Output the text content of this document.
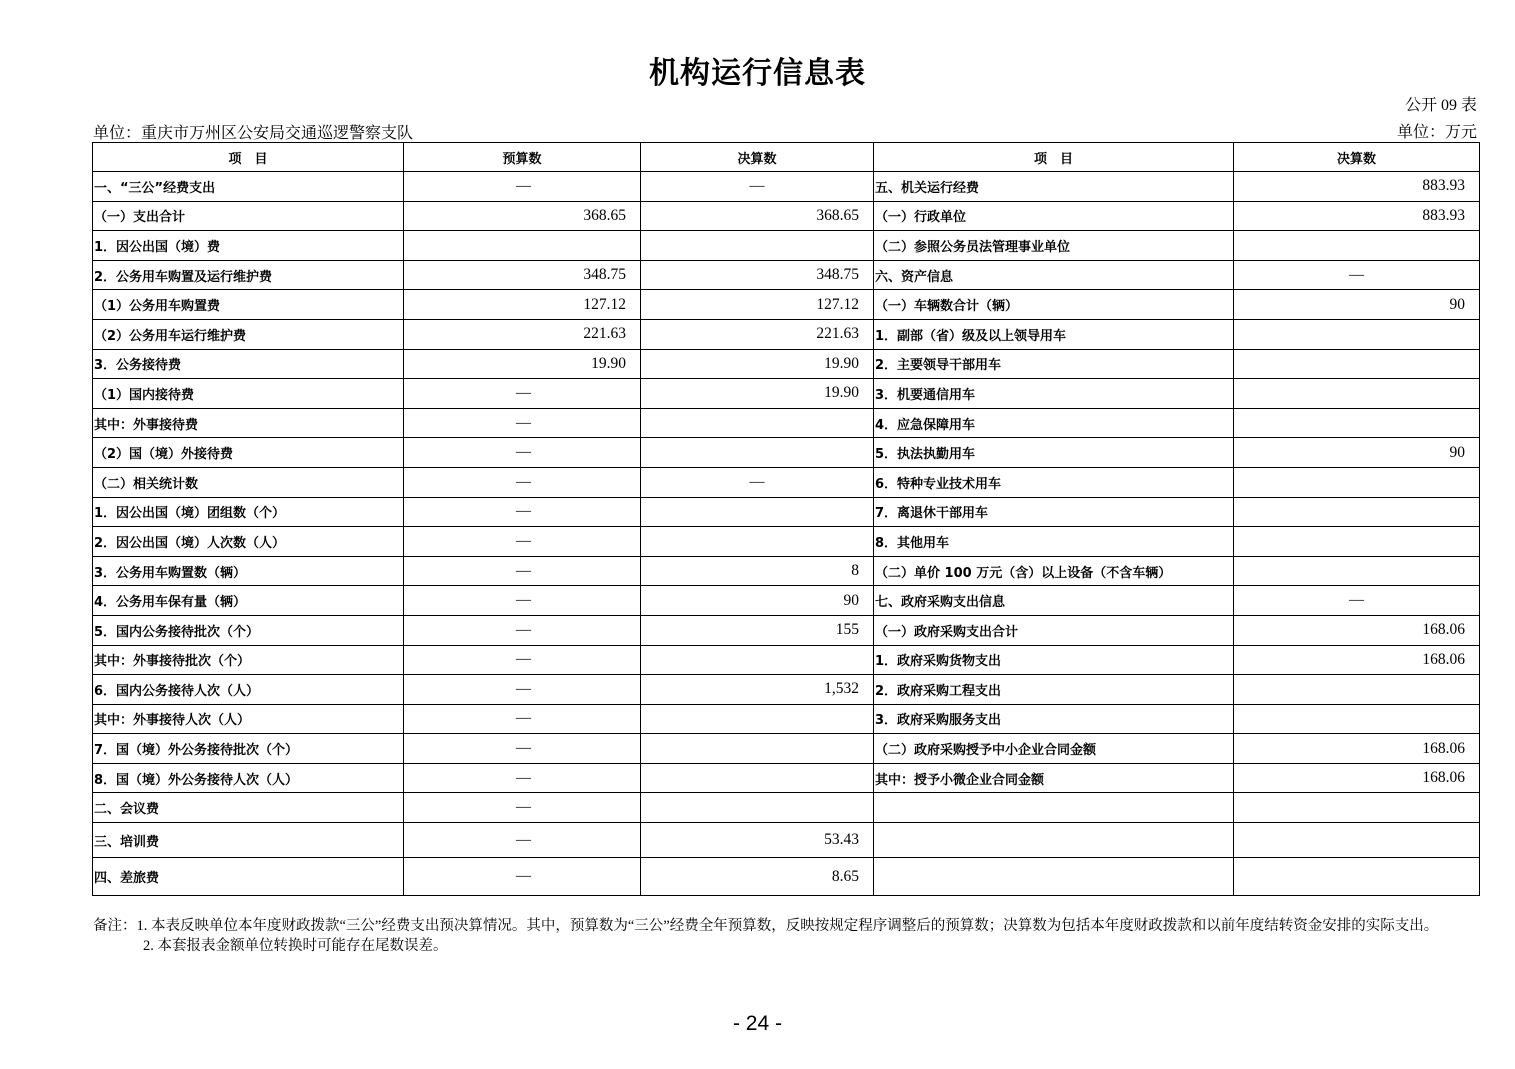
机构运行信息表
公开 09 表
单位：重庆市万州区公安局交通巡逻警察支队	单位：万元
项　目	预算数	决算数	项　目	决算数
一、“三公”经费支出	—	—	五、机关运行经费	883.93
（一）支出合计	368.65	368.65	（一）行政单位	883.93
1．因公出国（境）费			（二）参照公务员法管理事业单位	
2．公务用车购置及运行维护费	348.75	348.75	六、资产信息	—
（1）公务用车购置费	127.12	127.12	（一）车辆数合计（辆）	90
（2）公务用车运行维护费	221.63	221.63	1．副部（省）级及以上领导用车	
3．公务接待费	19.90	19.90	2．主要领导干部用车	
（1）国内接待费	—	19.90	3．机要通信用车	
其中：外事接待费	—		4．应急保障用车	
（2）国（境）外接待费	—		5．执法执勤用车	90
（二）相关统计数	—	—	6．特种专业技术用车	
1．因公出国（境）团组数（个）	—		7．离退休干部用车	
2．因公出国（境）人次数（人）	—		8．其他用车	
3．公务用车购置数（辆）	—	8	（二）单价 100 万元（含）以上设备（不含车辆）	
4．公务用车保有量（辆）	—	90	七、政府采购支出信息	—
5．国内公务接待批次（个）	—	155	（一）政府采购支出合计	168.06
其中：外事接待批次（个）	—		1．政府采购货物支出	168.06
6．国内公务接待人次（人）	—	1,532	2．政府采购工程支出	
其中：外事接待人次（人）	—		3．政府采购服务支出	
7．国（境）外公务接待批次（个）	—		（二）政府采购授予中小企业合同金额	168.06
8．国（境）外公务接待人次（人）	—		其中：授予小微企业合同金额	168.06
二、会议费	—			
三、培训费	—	53.43		
四、差旅费	—	8.65		
备注：1. 本表反映单位本年度财政拨款“三公”经费支出预决算情况。其中，预算数为“三公”经费全年预算数，反映按规定程序调整后的预算数；决算数为包括本年度财政拨款和以前年度结转资金安排的实际支出。
2. 本套报表金额单位转换时可能存在尾数误差。
- 24 -
